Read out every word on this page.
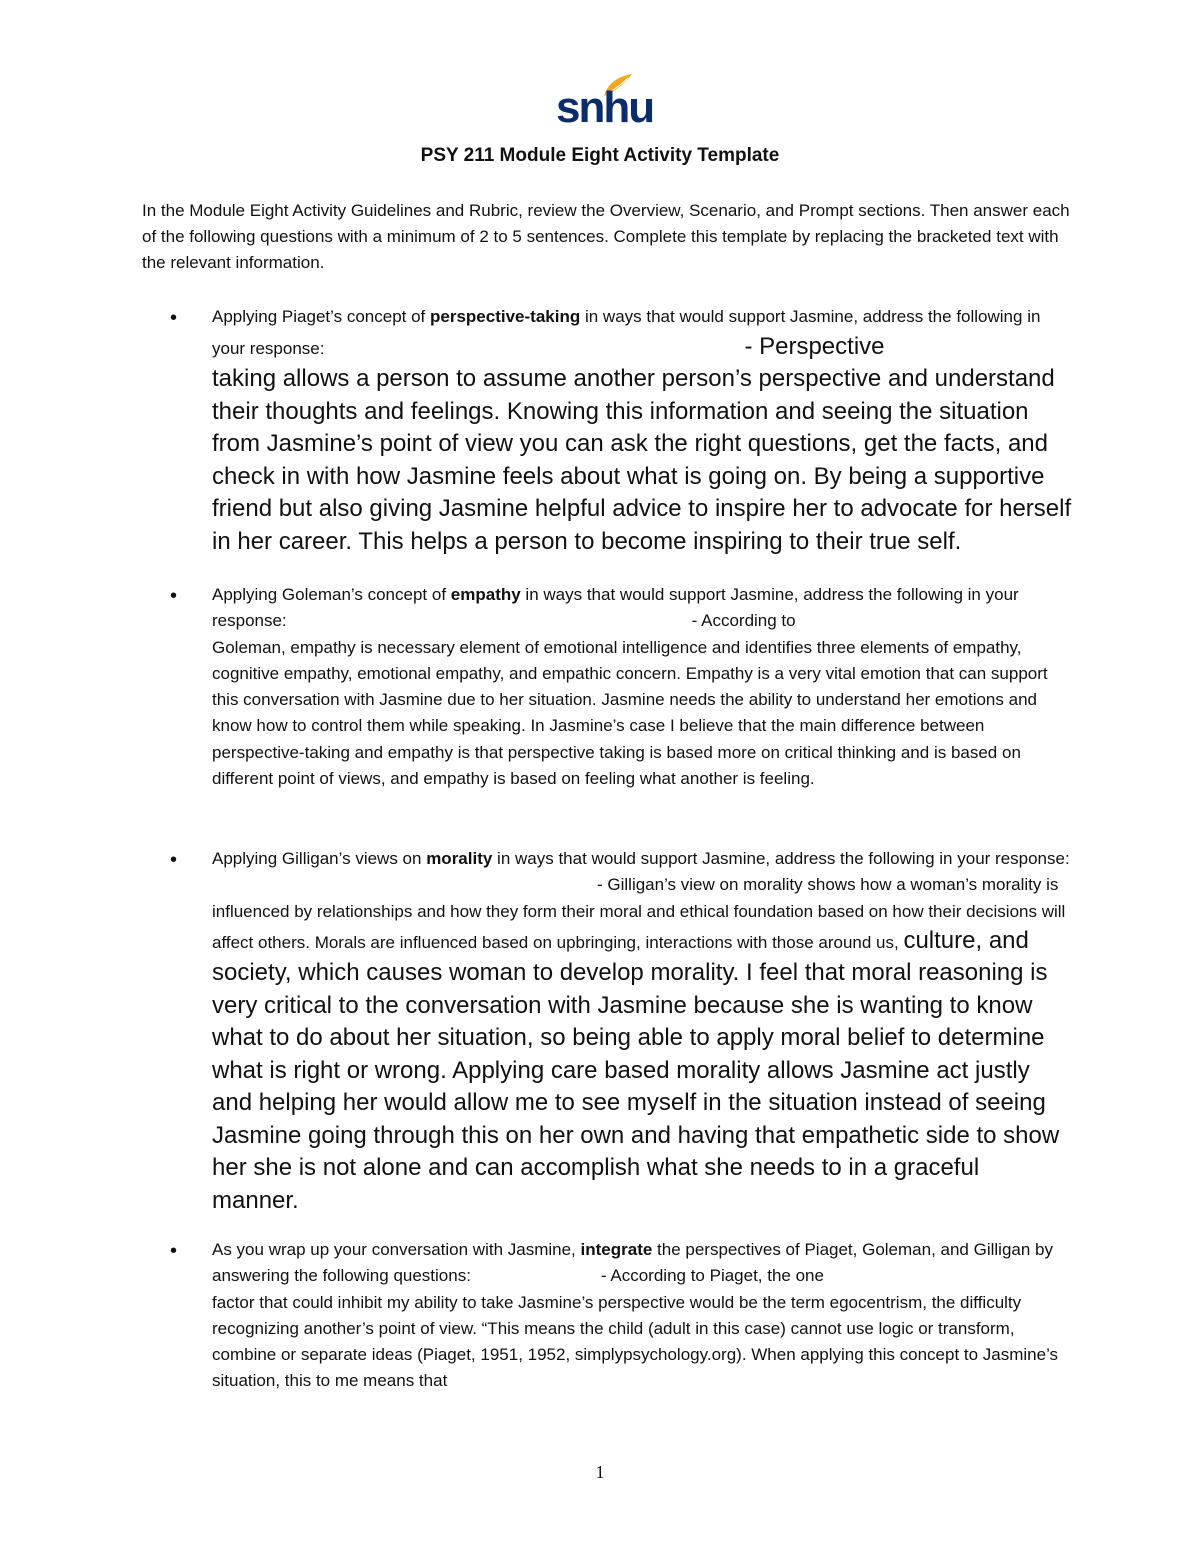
snhu
PSY 211 Module Eight Activity Template
In the Module Eight Activity Guidelines and Rubric, review the Overview, Scenario, and Prompt sections. Then answer each of the following questions with a minimum of 2 to 5 sentences. Complete this template by replacing the bracketed text with the relevant information.
• Applying Piaget’s concept of perspective-taking in ways that would support Jasmine, address the following in your response:	- Perspective
taking allows a person to assume another person’s perspective and understand their thoughts and feelings. Knowing this information and seeing the situation from Jasmine’s point of view you can ask the right questions, get the facts, and check in with how Jasmine feels about what is going on. By being a supportive friend but also giving Jasmine helpful advice to inspire her to advocate for herself in her career. This helps a person to become inspiring to their true self.
• Applying Goleman’s concept of empathy in ways that would support Jasmine, address the following in your response:	- According to
Goleman, empathy is necessary element of emotional intelligence and identifies three elements of empathy, cognitive empathy, emotional empathy, and empathic concern. Empathy is a very vital emotion that can support this conversation with Jasmine due to her situation. Jasmine needs the ability to understand her emotions and know how to control them while speaking. In Jasmine’s case I believe that the main difference between perspective-taking and empathy is that perspective taking is based more on critical thinking and is based on different point of views, and empathy is based on feeling what another is feeling.
• Applying Gilligan’s views on morality in ways that would support Jasmine, address the following in your response:- Gilligan’s view on morality shows how a woman’s morality is influenced by relationships and how they form their moral and ethical foundation based on how their decisions will affect others. Morals are influenced based on upbringing, interactions with those around us, culture, and society, which causes woman to develop morality. I feel that moral reasoning is very critical to the conversation with Jasmine because she is wanting to know what to do about her situation, so being able to apply moral belief to determine what is right or wrong. Applying care based morality allows Jasmine act justly and helping her would allow me to see myself in the situation instead of seeing Jasmine going through this on her own and having that empathetic side to show her she is not alone and can accomplish what she needs to in a graceful manner.
• As you wrap up your conversation with Jasmine, integrate the perspectives of Piaget, Goleman, and Gilligan by answering the following questions:	- According to Piaget, the one
factor that could inhibit my ability to take Jasmine’s perspective would be the term egocentrism, the difficulty recognizing another’s point of view. “This means the child (adult in this case) cannot use logic or transform, combine or separate ideas (Piaget, 1951, 1952, simplypsychology.org). When applying this concept to Jasmine’s situation, this to me means that
1
